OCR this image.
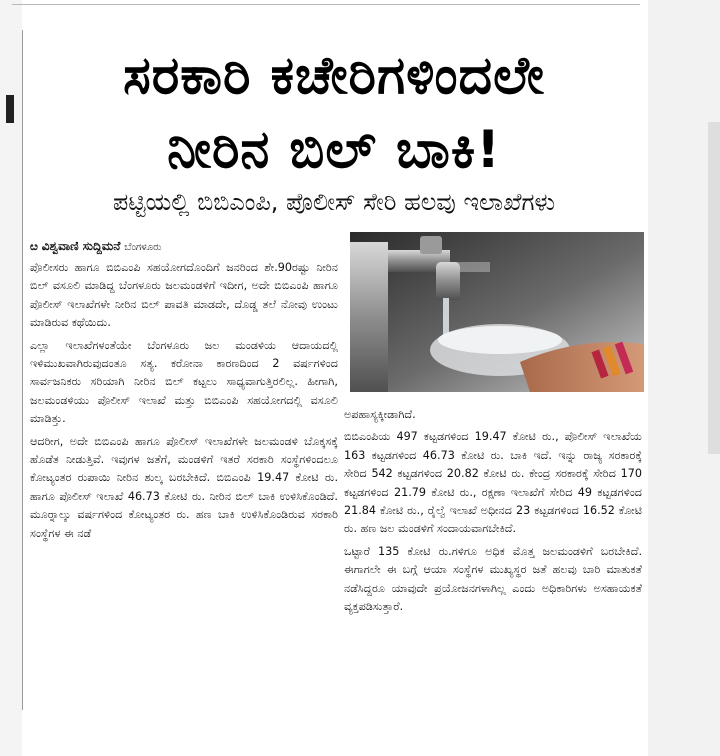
ಸರಕಾರಿ ಕಚೇರಿಗಳಿಂದಲೇ
ನೀರಿನ ಬಿಲ್ ಬಾಕಿ!
ಪಟ್ಟಿಯಲ್ಲಿ ಬಿಬಿಎಂಪಿ, ಪೊಲೀಸ್ ಸೇರಿ ಹಲವು ಇಲಾಖೆಗಳು
ೞ ವಿಶ್ವವಾಣಿ ಸುದ್ದಿಮನೆ ಬೆಂಗಳೂರು

ಪೊಲೀಸರು ಹಾಗೂ ಬಿಬಿಎಂಪಿ ಸಹಯೋಗದೊಂದಿಗೆ ಜನರಿಂದ ಶೇ.90ರಷ್ಟು ನೀರಿನ ಬಿಲ್ ವಸೂಲಿ ಮಾಡಿದ್ದ ಬೆಂಗಳೂರು ಜಲಮಂಡಳಿಗೆ ಇದೀಗ, ಅದೇ ಬಿಬಿಎಂಪಿ ಹಾಗೂ ಪೊಲೀಸ್ ಇಲಾಖೆಗಳೇ ನೀರಿನ ಬಿಲ್ ಪಾವತಿ ಮಾಡದೇ, ದೊಡ್ಡ ತಲೆ ನೋವು ಉಂಟು ಮಾಡಿರುವ ಕಥೆಯಿದು.

ಎಲ್ಲಾ ಇಲಾಖೆಗಳಂತೆಯೇ ಬೆಂಗಳೂರು ಜಲ ಮಂಡಳಿಯ ಆದಾಯದಲ್ಲಿ ಇಳಿಮುಖವಾಗಿರುವುದಂತೂ ಸತ್ಯ. ಕರೋನಾ ಕಾರಣದಿಂದ 2 ವರ್ಷಗಳಿಂದ ಸಾರ್ವಜನಿಕರು ಸರಿಯಾಗಿ ನೀರಿನ ಬಿಲ್ ಕಟ್ಟಲು ಸಾಧ್ಯವಾಗುತ್ತಿರಲಿಲ್ಲ. ಹೀಗಾಗಿ, ಜಲಮಂಡಳಿಯು ಪೊಲೀಸ್ ಇಲಾಖೆ ಮತ್ತು ಬಿಬಿಎಂಪಿ ಸಹಯೋಗದಲ್ಲಿ ವಸೂಲಿ ಮಾಡಿತ್ತು.

ಆದರೀಗ, ಅದೇ ಬಿಬಿಎಂಪಿ ಹಾಗೂ ಪೊಲೀಸ್ ಇಲಾಖೆಗಳೇ ಜಲಮಂಡಳಿ ಬೊಕ್ಕಸಕ್ಕೆ ಹೊಡೆತ ನೀಡುತ್ತಿವೆ. ಇವುಗಳ ಜತೆಗೆ, ಮಂಡಳಿಗೆ ಇತರೆ ಸರಕಾರಿ ಸಂಸ್ಥೆಗಳಿಂದಲೂ ಕೋಟ್ಯಂತರ ರುಪಾಯಿ ನೀರಿನ ಶುಲ್ಕ ಬರಬೇಕಿದೆ. ಬಿಬಿಎಂಪಿ 19.47 ಕೋಟಿ ರು. ಹಾಗೂ ಪೊಲೀಸ್ ಇಲಾಖೆ 46.73 ಕೋಟಿ ರು. ನೀರಿನ ಬಿಲ್ ಬಾಕಿ ಉಳಿಸಿಕೊಂಡಿದೆ. ಮೂರ‍್ನಾಲ್ಕು ವರ್ಷಗಳಿಂದ ಕೋಟ್ಯಂತರ ರು. ಹಣ ಬಾಕಿ ಉಳಿಸಿಕೊಂಡಿರುವ ಸರಕಾರಿ ಸಂಸ್ಥೆಗಳ ಈ ನಡೆ

ಅಪಹಾಸ್ಯಕ್ಕೀಡಾಗಿದೆ.

ಬಿಬಿಎಂಪಿಯ 497 ಕಟ್ಟಡಗಳಿಂದ 19.47 ಕೋಟಿ ರು., ಪೊಲೀಸ್ ಇಲಾಖೆಯ 163 ಕಟ್ಟಡಗಳಿಂದ 46.73 ಕೋಟಿ ರು. ಬಾಕಿ ಇದೆ. ಇನ್ನು ರಾಜ್ಯ ಸರಕಾರಕ್ಕೆ ಸೇರಿದ 542 ಕಟ್ಟಡಗಳಿಂದ 20.82 ಕೋಟಿ ರು. ಕೇಂದ್ರ ಸರಕಾರಕ್ಕೆ ಸೇರಿದ 170 ಕಟ್ಟಡಗಳಿಂದ 21.79 ಕೋಟಿ ರು., ರಕ್ಷಣಾ ಇಲಾಖೆಗೆ ಸೇರಿದ 49 ಕಟ್ಟಡಗಳಿಂದ 21.84 ಕೋಟಿ ರು., ರೈಲ್ವೆ ಇಲಾಖೆ ಅಧೀನದ 23 ಕಟ್ಟಡಗಳಿಂದ 16.52 ಕೋಟಿ ರು. ಹಣ ಜಲ ಮಂಡಳಿಗೆ ಸಂದಾಯವಾಗಬೇಕಿದೆ.

ಒಟ್ಟಾರೆ 135 ಕೋಟಿ ರು.ಗಳಿಗೂ ಅಧಿಕ ಮೊತ್ತ ಜಲಮಂಡಳಿಗೆ ಬರಬೇಕಿದೆ. ಈಗಾಗಲೇ ಈ ಬಗ್ಗೆ ಆಯಾ ಸಂಸ್ಥೆಗಳ ಮುಖ್ಯಸ್ಥರ ಜತೆ ಹಲವು ಬಾರಿ ಮಾತುಕತೆ ನಡೆಸಿದ್ದರೂ ಯಾವುದೇ ಪ್ರಯೋಜನಗಳಾಗಿಲ್ಲ ಎಂದು ಅಧಿಕಾರಿಗಳು ಅಸಹಾಯಕತೆ ವ್ಯಕ್ತಪಡಿಸುತ್ತಾರೆ.
